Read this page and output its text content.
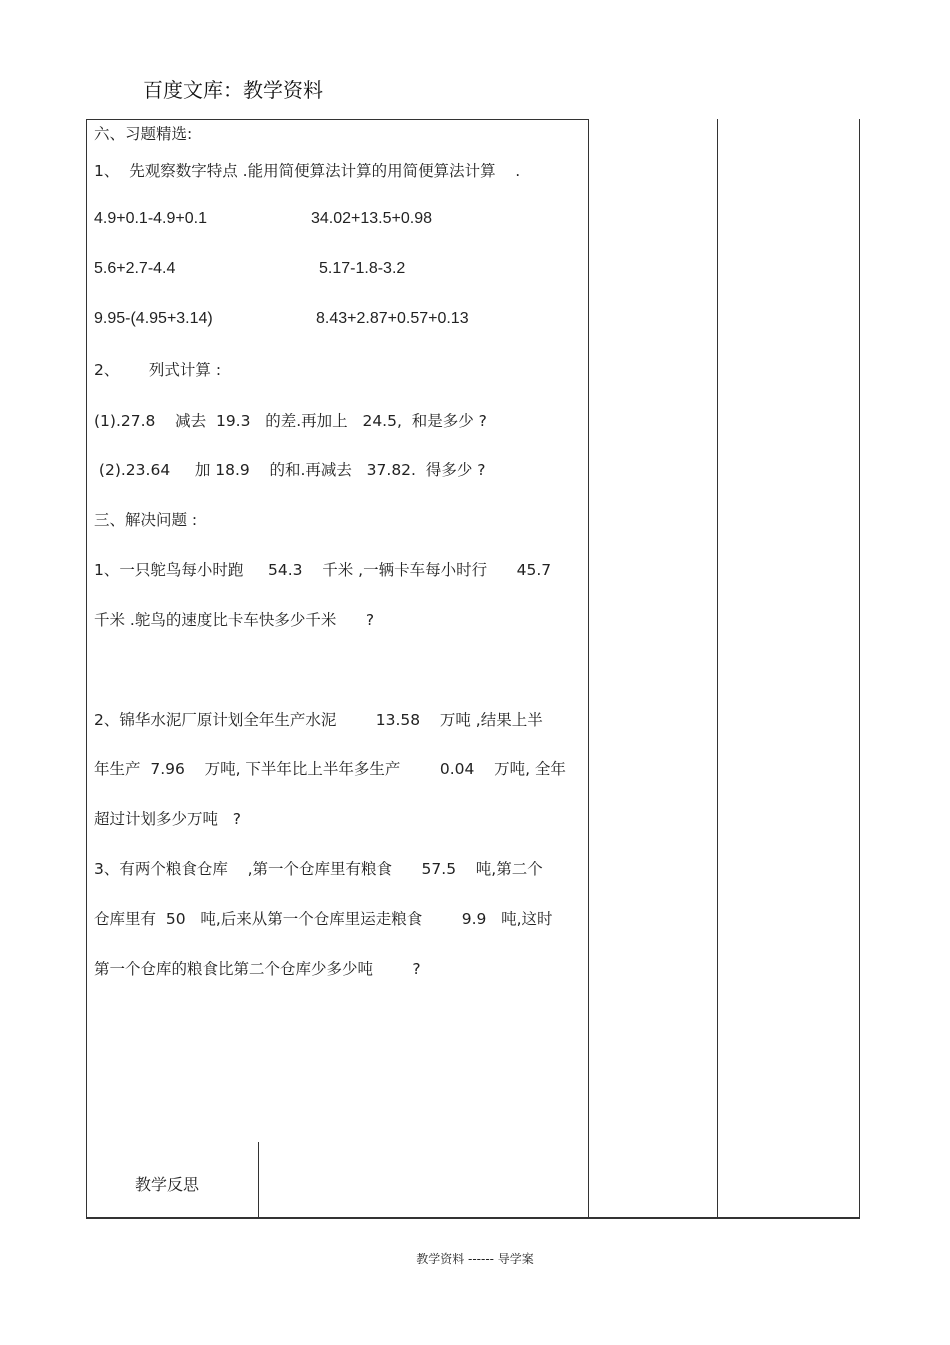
百度文库：教学资料
六、习题精选:
1、  先观察数字特点 .能用简便算法计算的用简便算法计算    .
4.9+0.1-4.9+0.1	34.02+13.5+0.98
5.6+2.7-4.4	5.17-1.8-3.2
9.95-(4.95+3.14)	8.43+2.87+0.57+0.13
2、      列式计算 :
(1).27.8    减去  19.3   的差.再加上   24.5,  和是多少 ?
(2).23.64     加 18.9    的和.再减去   37.82.  得多少 ?
三、解决问题 :
1、一只鸵鸟每小时跑     54.3    千米 ,一辆卡车每小时行      45.7
千米 .鸵鸟的速度比卡车快多少千米      ?
2、锦华水泥厂原计划全年生产水泥        13.58    万吨 ,结果上半
年生产  7.96    万吨, 下半年比上半年多生产        0.04    万吨, 全年
超过计划多少万吨   ?
3、有两个粮食仓库    ,第一个仓库里有粮食      57.5    吨,第二个
仓库里有  50   吨,后来从第一个仓库里运走粮食        9.9   吨,这时
第一个仓库的粮食比第二个仓库少多少吨        ?
教学反思
教学资料 ------ 导学案
